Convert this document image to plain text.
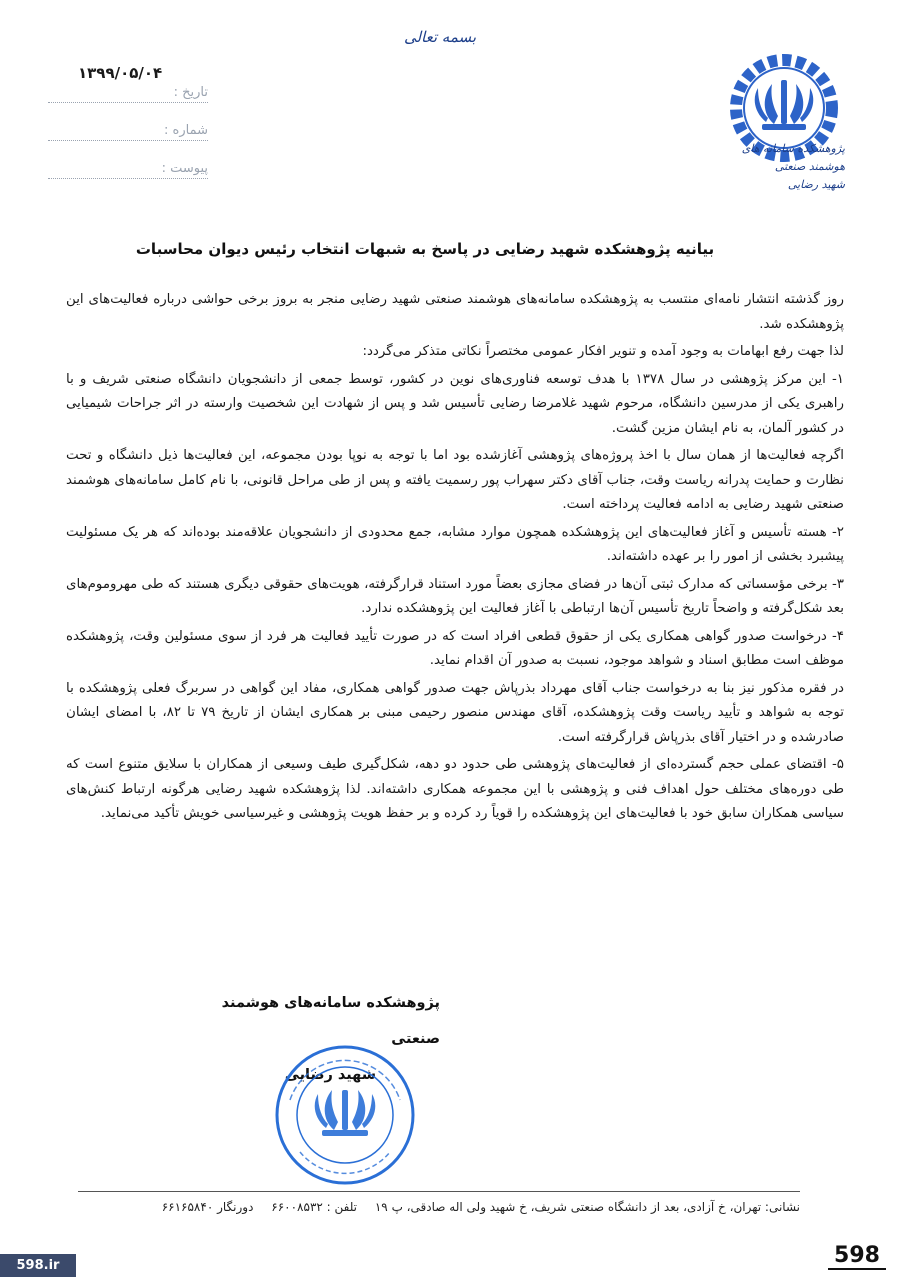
بسمه تعالی
۱۳۹۹/۰۵/۰۴
تاریخ :
شماره :
پیوست :
پژوهشکده سامانه های هوشمند صنعتی
شهید رضایی
بیانیه پژوهشکده شهید رضایی در پاسخ به شبهات انتخاب رئیس دیوان محاسبات

روز گذشته انتشار نامه‌ای منتسب به پژوهشکده سامانه‌های هوشمند صنعتی شهید رضایی منجر به بروز برخی حواشی درباره فعالیت‌های این پژوهشکده شد.

لذا جهت رفع ابهامات به وجود آمده و تنویر افکار عمومی مختصراً نکاتی متذکر می‌گردد:

۱- این مرکز پژوهشی در سال ۱۳۷۸ با هدف توسعه فناوری‌های نوین در کشور، توسط جمعی از دانشجویان دانشگاه صنعتی شریف و با راهبری یکی از مدرسین دانشگاه، مرحوم شهید غلامرضا رضایی تأسیس شد و پس از شهادت این شخصیت وارسته در اثر جراحات شیمیایی در کشور آلمان، به نام ایشان مزین گشت.

اگرچه فعالیت‌ها از همان سال با اخذ پروژه‌های پژوهشی آغازشده بود اما با توجه به نوپا بودن مجموعه، این فعالیت‌ها ذیل دانشگاه و تحت نظارت و حمایت پدرانه ریاست وقت، جناب آقای دکتر سهراب پور رسمیت یافته و پس از طی مراحل قانونی، با نام کامل سامانه‌های هوشمند صنعتی شهید رضایی به ادامه فعالیت پرداخته است.

۲- هسته تأسیس و آغاز فعالیت‌های این پژوهشکده همچون موارد مشابه، جمع محدودی از دانشجویان علاقه‌مند بوده‌اند که هر یک مسئولیت پیشبرد بخشی از امور را بر عهده داشته‌اند.

۳- برخی مؤسساتی که مدارک ثبتی آن‌ها در فضای مجازی بعضاً مورد استناد قرارگرفته، هویت‌های حقوقی دیگری هستند که طی مهروموم‌های بعد شکل‌گرفته و واضحاً تاریخ تأسیس آن‌ها ارتباطی با آغاز فعالیت این پژوهشکده ندارد.

۴- درخواست صدور گواهی همکاری یکی از حقوق قطعی افراد است که در صورت تأیید فعالیت هر فرد از سوی مسئولین وقت، پژوهشکده موظف است مطابق اسناد و شواهد موجود، نسبت به صدور آن اقدام نماید.

در فقره مذکور نیز بنا به درخواست جناب آقای مهرداد بذرپاش جهت صدور گواهی همکاری، مفاد این گواهی در سربرگ فعلی پژوهشکده با توجه به شواهد و تأیید ریاست وقت پژوهشکده، آقای مهندس منصور رحیمی مبنی بر همکاری ایشان از تاریخ ۷۹ تا ۸۲، با امضای ایشان صادرشده و در اختیار آقای بذرپاش قرارگرفته است.

۵- اقتضای عملی حجم گسترده‌ای از فعالیت‌های پژوهشی طی حدود دو دهه، شکل‌گیری طیف وسیعی از همکاران با سلایق متنوع است که طی دوره‌های مختلف حول اهداف فنی و پژوهشی با این مجموعه همکاری داشته‌اند. لذا پژوهشکده شهید رضایی هرگونه ارتباط کنش‌های سیاسی همکاران سابق خود با فعالیت‌های این پژوهشکده را قویاً رد کرده و بر حفظ هویت پژوهشی و غیرسیاسی خویش تأکید می‌نماید.

پژوهشکده سامانه‌های هوشمند صنعتی
شهید رضایی
نشانی: تهران، خ آزادی، بعد از دانشگاه صنعتی شریف، خ شهید ولی اله صادقی، پ ۱۹ تلفن : ۶۶۰۰۸۵۳۲ دورنگار ۶۶۱۶۵۸۴۰
598.ir	598
